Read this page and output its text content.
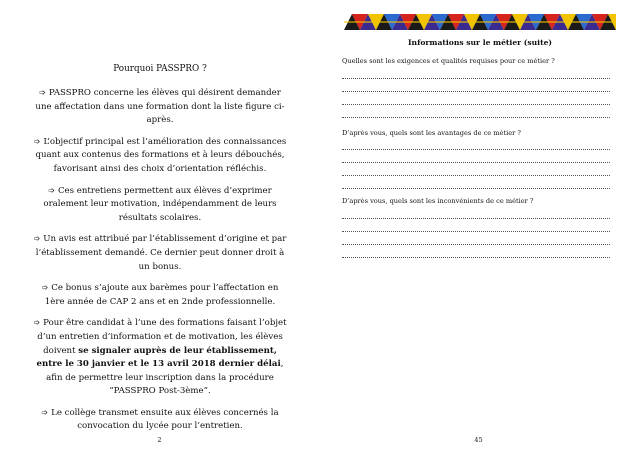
Pourquoi PASSPRO ?

➩ PASSPRO concerne les élèves qui désirent demander une affectation dans une formation dont la liste figure ci-après.

➩ L’objectif principal est l’amélioration des connaissances quant aux contenus des formations et à leurs débouchés, favorisant ainsi des choix d’orientation réfléchis.

➩ Ces entretiens permettent aux élèves d’exprimer oralement leur motivation, indépendamment de leurs résultats scolaires.

➩ Un avis est attribué par l’établissement d’origine et par l’établissement demandé. Ce dernier peut donner droit à un bonus.

➩ Ce bonus s’ajoute aux barèmes pour l’affectation en 1ère année de CAP 2 ans et en 2nde professionnelle.

➩ Pour être candidat à l’une des formations faisant l’objet d’un entretien d’information et de motivation, les élèves doivent se signaler auprès de leur établissement, entre le 30 janvier et le 13 avril 2018 dernier délai, afin de permettre leur inscription dans la procédure “PASSPRO Post-3ème”.

➩ Le collège transmet ensuite aux élèves concernés la convocation du lycée pour l’entretien.

2
Informations sur le métier (suite)
Quelles sont les exigences et qualités requises pour ce métier ?
D’après vous, quels sont les avantages de ce métier ?
D’après vous, quels sont les inconvénients de ce métier ?
45
